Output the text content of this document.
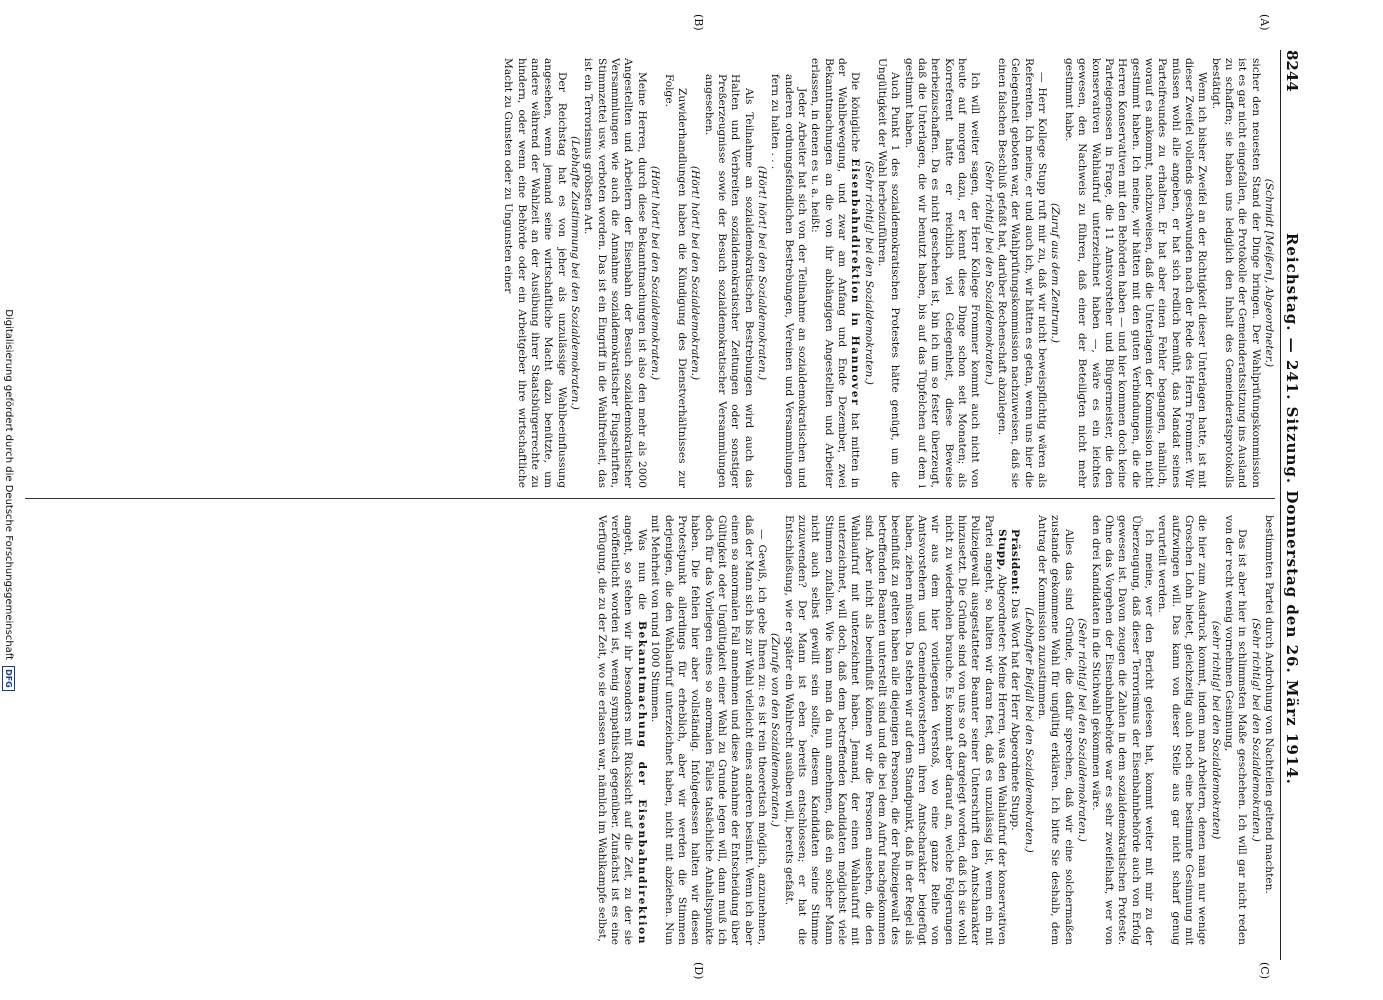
8244
Reichstag. — 241. Sitzung. Donnerstag den 26. März 1914.
(A)
(B)
(C)
(D)

(Schmidt [Meißen], Abgeordneter.)

sicher den neuesten Stand der Dinge bringen. Der Wahlprüfungskommission ist es gar nicht eingefallen, die Protokolle der Gemeinderatssitzung ins Ausland zu schaffen; sie haben uns lediglich den Inhalt des Gemeinderatsprotokolls bestätigt.

Wenn ich bisher Zweifel an der Richtigkeit dieser Unterlagen hatte, ist mit dieser Zweifel vollends geschwunden nach der Rede des Herrn Frommer. Wir müssen wohl alle angeben, er hat sich redlich bemüht, das Mandat seines Parteifreundes zu erhalten. Er hat aber einen Fehler begangen, nämlich, worauf es ankommt, nachzuweisen, daß die Unterlagen der Kommission nicht gestimmt haben. Ich meine, wir hätten mit den guten Verbindungen, die die Herren Konservativen mit den Behörden haben — und hier kommen doch keine Parteigenossen in Frage, die 11 Amtsvorsteher und Bürgermeister, die den konservativen Wahlaufruf unterzeichnet haben —, wäre es ein leichtes gewesen, den Nachweis zu führen, daß einer der Beteiligten nicht mehr gestimmt habe.

(Zuruf aus dem Zentrum.)

— Herr Kollege Stupp ruft mir zu, daß wir nicht beweispflichtig wären als Referenten. Ich meine, er und auch ich, wir hätten es getan, wenn uns hier die Gelegenheit geboten war, der Wahlprüfungskommission nachzuweisen, daß sie einen falschen Beschluß gefaßt hat, darüber Rechenschaft abzulegen.

(Sehr richtig! bei den Sozialdemokraten.)

Ich will weiter sagen, der Herr Kollege Frommer kommt auch nicht von heute auf morgen dazu, er kennt diese Dinge schon seit Monaten; als Korreferent hatte er reichlich viel Gelegenheit, diese Beweise herbeizuschaffen. Da es nicht geschehen ist, bin ich um so fester überzeugt, daß die Unterlagen, die wir benutzt haben, bis auf das Tüpfelchen auf dem i gestimmt haben.

Auch Punkt 1 des sozialdemokratischen Protestes hätte genügt, um die Ungültigkeit der Wahl herbeizuführen.

(Sehr richtig! bei den Sozialdemokraten.)

Die königliche Eisenbahndirektion in Hannover hat mitten in der Wahlbewegung, und zwar am Anfang und Ende Dezember, zwei Bekanntmachungen an die von ihr abhängigen Angestellten und Arbeiter erlassen, in denen es u. a. heißt:

Jeder Arbeiter hat sich von der Teilnahme an sozialdemokratischen und anderen ordnungsfeindlichen Bestrebungen, Vereinen und Versammlungen fern zu halten . . .

(Hört! hört! bei den Sozialdemokraten.)

Als Teilnahme an sozialdemokratischen Bestrebungen wird auch das Halten und Verbreiten sozialdemokratischer Zeitungen oder sonstiger Preßerzeugnisse sowie der Besuch sozialdemokratischer Versammlungen angesehen.

(Hört! hört! bei den Sozialdemokraten.)

Zuwiderhandlungen haben die Kündigung des Dienstverhältnisses zur Folge.

(Hört! hört! bei den Sozialdemokraten.)

Meine Herren, durch diese Bekanntmachungen ist also den mehr als 2000 Angestellten und Arbeitern der Eisenbahn der Besuch sozialdemokratischer Versammlungen wie auch die Annahme sozialdemokratischer Flugschriften, Stimmzettel usw. verboten worden. Das ist ein Eingriff in die Wahlfreiheit, das ist ein Terrorismus gröbsten Art.

(Lebhafte Zustimmung bei den Sozialdemokraten.)

Der Reichstag hat es von jeher als unzulässige Wahlbeeinflussung angesehen, wenn jemand seine wirtschaftliche Macht dazu benützte, um andere während der Wahlzeit an der Ausübung ihrer Staatsbürgerrechte zu hindern, oder wenn eine Behörde oder ein Arbeitgeber ihre wirtschaftliche Macht zu Gunsten oder zu Ungunsten einer

bestimmten Partei durch Androhung von Nachteilen geltend machten.

(Sehr richtig! bei den Sozialdemokraten.)

Das ist aber hier in schlimmsten Maße geschehen. Ich will gar nicht reden von der recht wenig vornehmen Gesinnung,

(sehr richtig! bei den Sozialdemokraten)

die hier zum Ausdruck kommt, indem man Arbeitern, denen man nur wenige Groschen Lohn bietet, gleichzeitig auch noch eine bestimmte Gesinnung mit aufzwingen will. Das kann von dieser Stelle aus gar nicht scharf genug verurteilt werden.

Ich meine, wer den Bericht gelesen hat, kommt weiter mit mir zu der Überzeugung, daß dieser Terrorismus der Eisenbahnbehörde auch von Erfolg gewesen ist. Davon zeugen die Zahlen in dem sozialdemokratischen Proteste. Ohne das Vorgehen der Eisenbahnbehörde war es sehr zweifelhaft, wer von den drei Kandidaten in die Stichwahl gekommen wäre.

(Sehr richtig! bei den Sozialdemokraten.)

Alles das sind Gründe, die dafür sprechen, daß wir eine solchermaßen zustande gekommene Wahl für ungültig erklären. Ich bitte Sie deshalb, dem Antrag der Kommission zuzustimmen.

(Lebhafter Beifall bei den Sozialdemokraten.)

Präsident: Das Wort hat der Herr Abgeordnete Stupp.

Stupp, Abgeordneter: Meine Herren, was den Wahlaufruf der konservativen Partei angeht, so halten wir daran fest, daß es unzulässig ist, wenn ein mit Polizeigewalt ausgestatteter Beamter seiner Unterschrift den Amtscharakter hinzusetzt. Die Gründe sind von uns so oft dargelegt worden, daß ich sie wohl nicht zu wiederholen brauche. Es kommt aber darauf an, welche Folgerungen wir aus dem hier vorliegenden Verstoß, wo eine ganze Reihe von Amtsvorstehern und Gemeindevorstehern ihren Amtscharakter beigefügt haben, ziehen müssen. Da stehen wir auf dem Standpunkt, daß in der Regel als beeinflußt zu gelten haben alle diejenigen Personen, die der Polizeigewalt des betreffenden Beamten unterstellt sind und die bei dem Aufruf nachgekommen sind. Aber nicht als beeinflußt können wir die Personen ansehen, die den Wahlaufruf mit unterzeichnet haben. Jemand, der einen Wahlaufruf mit unterzeichnet, will doch, daß dem betreffenden Kandidaten möglichst viele Stimmen zufallen. Wie kann man da nun annehmen, daß ein solcher Mann nicht auch selbst gewillt sein sollte, diesem Kandidaten seine Stimme zuzuwenden? Der Mann ist eben bereits entschlossen; er hat die Entschließung, wie er später ein Wahlrecht ausüben will, bereits gefaßt.

(Zurufe von den Sozialdemokraten.)

— Gewiß, ich gebe Ihnen zu: es ist rein theoretisch möglich, anzunehmen, daß der Mann sich bis zur Wahl vielleicht eines anderen besinnt. Wenn ich aber einen so anormalen Fall annehmen und diese Annahme der Entscheidung über Gültigkeit oder Ungültigkeit einer Wahl zu Grunde legen will, dann muß ich doch für das Vorliegen eines so anormalen Falles tatsächliche Anhaltspunkte haben. Die fehlen hier aber vollständig. Infolgedessen halten wir diesen Protestpunkt allerdings für erheblich, aber wir werden die Stimmen derjenigen, die den Wahlaufruf unterzeichnet haben, nicht mit abziehen. Nun mit Mehrheit von rund 1000 Stimmen.

Was nun die Bekanntmachung der Eisenbahndirektion angeht, so stehen wir ihr besonders mit Rücksicht auf die Zeit, zu der sie veröffentlicht worden ist, wenig sympathisch gegenüber. Zunächst ist es eine Verfügung, die zu der Zeit, wo sie erlassen war, nämlich im Wahlkampfe selbst,

Digitalisierung gefördert durch die Deutsche Forschungsgemeinschaft
DFG
